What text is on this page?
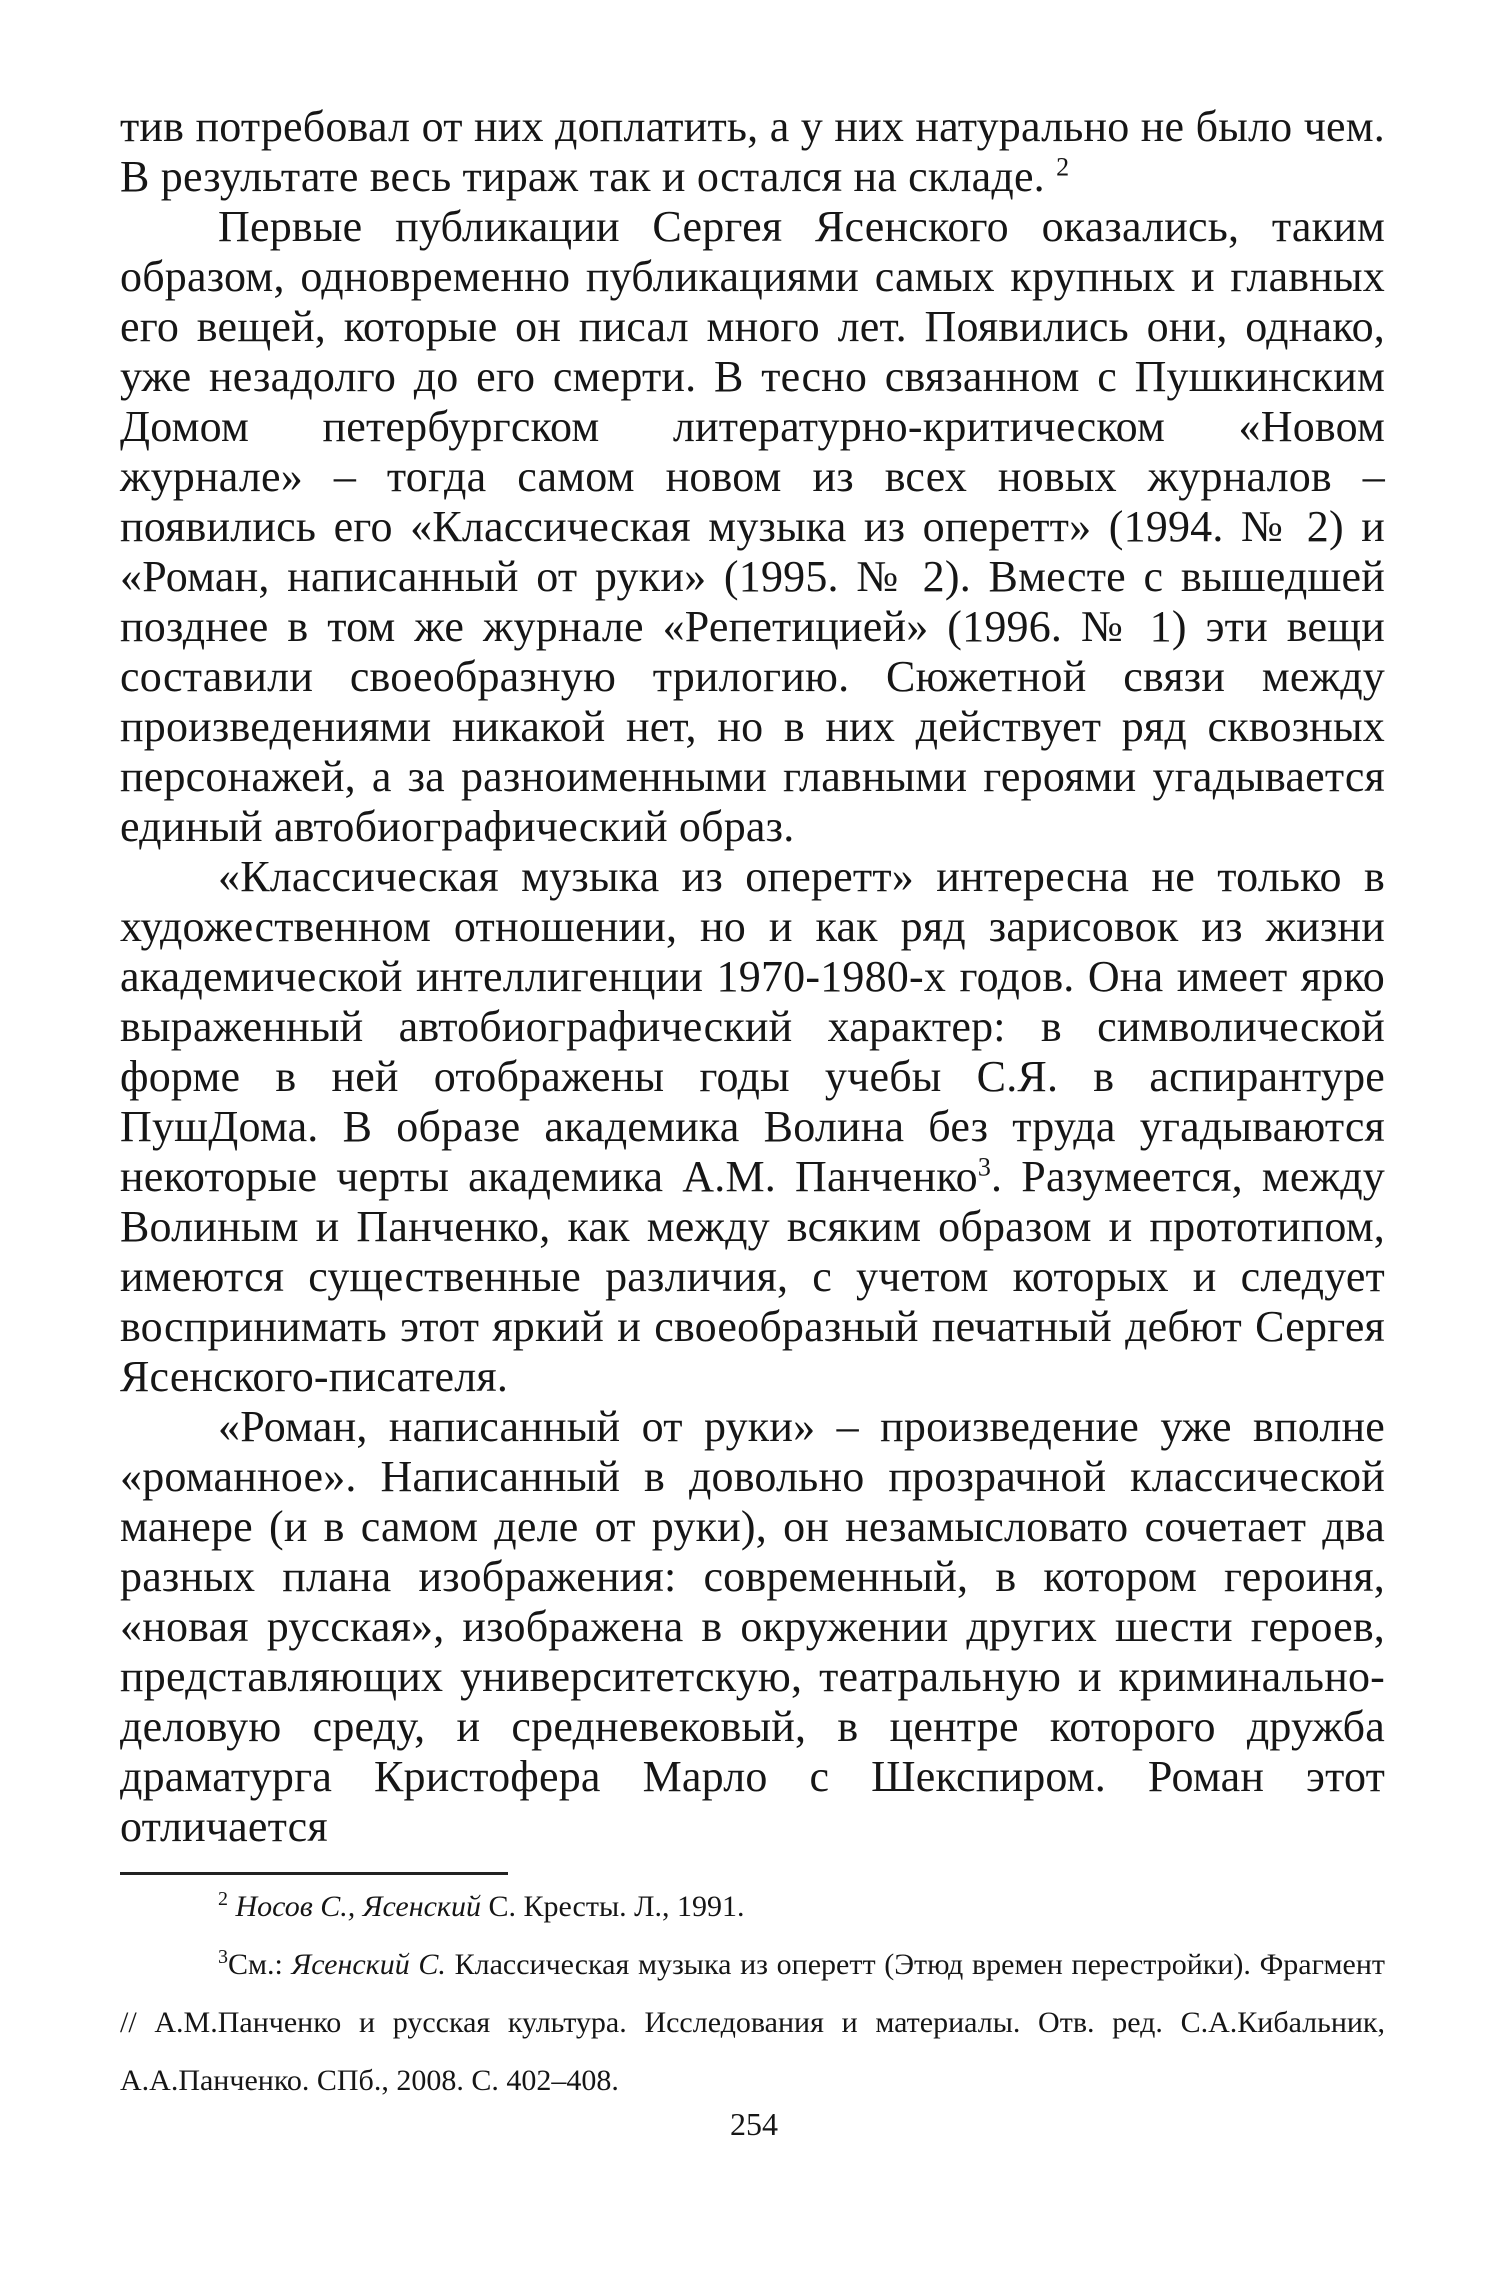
тив потребовал от них доплатить, а у них натурально не было чем. В результате весь тираж так и остался на складе. $^2$

Первые публикации Сергея Ясенского оказались, таким образом, одновременно публикациями самых крупных и главных его вещей, которые он писал много лет. Появились они, однако, уже незадолго до его смерти. В тесно связанном с Пушкинским Домом петербургском литературно-критическом «Новом журнале» – тогда самом новом из всех новых журналов – появились его «Классическая музыка из оперетт» (1994. № 2) и «Роман, написанный от руки» (1995. № 2). Вместе с вышедшей позднее в том же журнале «Репетицией» (1996. № 1) эти вещи составили своеобразную трилогию. Сюжетной связи между произведениями никакой нет, но в них действует ряд сквозных персонажей, а за разноименными главными героями угадывается единый автобиографический образ.

«Классическая музыка из оперетт» интересна не только в художественном отношении, но и как ряд зарисовок из жизни академической интеллигенции 1970-1980-х годов. Она имеет ярко выраженный автобиографический характер: в символической форме в ней отображены годы учебы С.Я. в аспирантуре ПушДома. В образе академика Волина без труда угадываются некоторые черты академика А.М. Панченко$^3$. Разумеется, между Волиным и Панченко, как между всяким образом и прототипом, имеются существенные различия, с учетом которых и следует воспринимать этот яркий и своеобразный печатный дебют Сергея Ясенского-писателя.

«Роман, написанный от руки» – произведение уже вполне «романное». Написанный в довольно прозрачной классической манере (и в самом деле от руки), он незамысловато сочетает два разных плана изображения: современный, в котором героиня, «новая русская», изображена в окружении других шести героев, представляющих университетскую, театральную и криминально-деловую среду, и средневековый, в центре которого дружба драматурга Кристофера Марло с Шекспиром. Роман этот отличается

$^2$ Носов С., Ясенский С. Кресты. Л., 1991.

$^3$См.: Ясенский С. Классическая музыка из оперетт (Этюд времен перестройки). Фрагмент // А.М.Панченко и русская культура. Исследования и материалы. Отв. ред. С.А.Кибальник, А.А.Панченко. СПб., 2008. С. 402–408.

254
